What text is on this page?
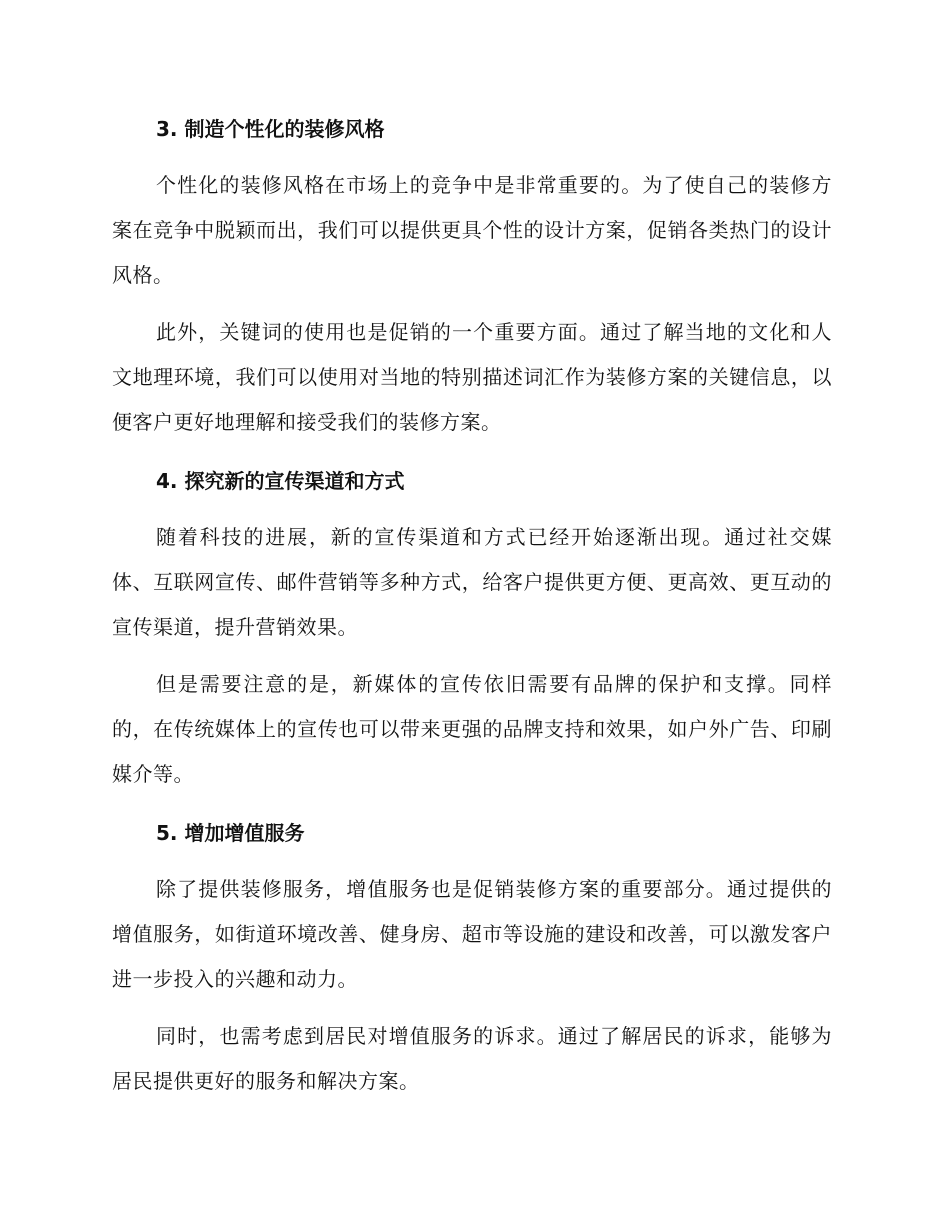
3. 制造个性化的装修风格

个性化的装修风格在市场上的竞争中是非常重要的。为了使自己的装修方案在竞争中脱颖而出，我们可以提供更具个性的设计方案，促销各类热门的设计风格。

此外，关键词的使用也是促销的一个重要方面。通过了解当地的文化和人文地理环境，我们可以使用对当地的特别描述词汇作为装修方案的关键信息，以便客户更好地理解和接受我们的装修方案。

4. 探究新的宣传渠道和方式

随着科技的进展，新的宣传渠道和方式已经开始逐渐出现。通过社交媒体、互联网宣传、邮件营销等多种方式，给客户提供更方便、更高效、更互动的宣传渠道，提升营销效果。

但是需要注意的是，新媒体的宣传依旧需要有品牌的保护和支撑。同样的，在传统媒体上的宣传也可以带来更强的品牌支持和效果，如户外广告、印刷媒介等。

5. 增加增值服务

除了提供装修服务，增值服务也是促销装修方案的重要部分。通过提供的增值服务，如街道环境改善、健身房、超市等设施的建设和改善，可以激发客户进一步投入的兴趣和动力。

同时，也需考虑到居民对增值服务的诉求。通过了解居民的诉求，能够为居民提供更好的服务和解决方案。
